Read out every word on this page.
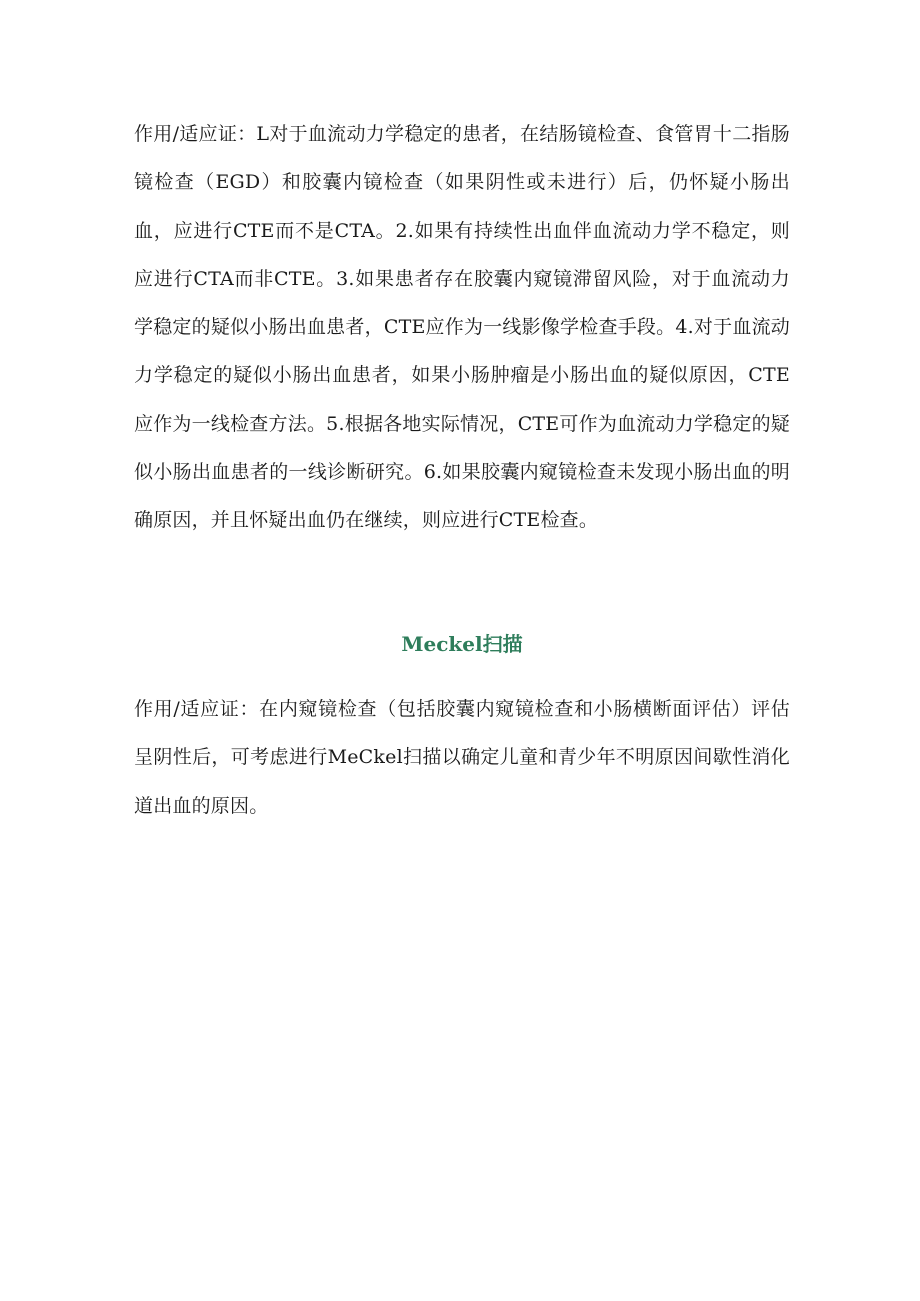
作用/适应证：L对于血流动力学稳定的患者，在结肠镜检查、食管胃十二指肠镜检查（EGD）和胶囊内镜检查（如果阴性或未进行）后，仍怀疑小肠出血，应进行CTE而不是CTA。2.如果有持续性出血伴血流动力学不稳定，则应进行CTA而非CTE。3.如果患者存在胶囊内窥镜滞留风险，对于血流动力学稳定的疑似小肠出血患者，CTE应作为一线影像学检查手段。4.对于血流动力学稳定的疑似小肠出血患者，如果小肠肿瘤是小肠出血的疑似原因，CTE应作为一线检查方法。5.根据各地实际情况，CTE可作为血流动力学稳定的疑似小肠出血患者的一线诊断研究。6.如果胶囊内窥镜检查未发现小肠出血的明确原因，并且怀疑出血仍在继续，则应进行CTE检查。

Meckel扫描

作用/适应证：在内窥镜检查（包括胶囊内窥镜检查和小肠横断面评估）评估呈阴性后，可考虑进行MeCkel扫描以确定儿童和青少年不明原因间歇性消化道出血的原因。
